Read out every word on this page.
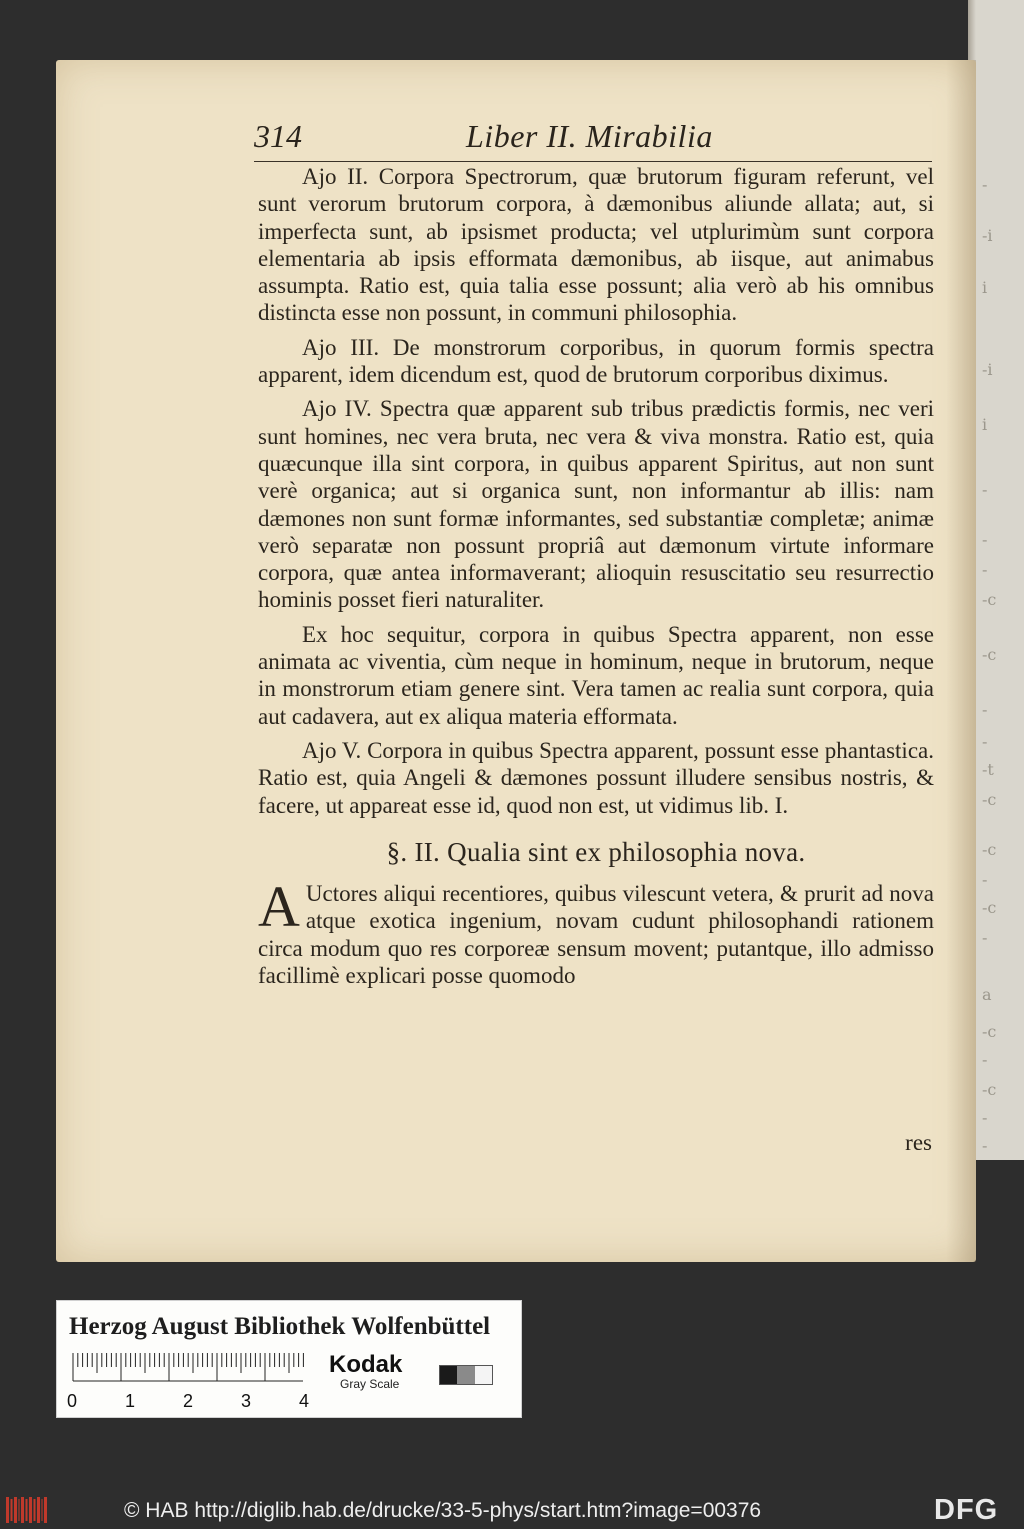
-
-i
i
-i
i
-
-
-
-c
-c
-
-
-t
-c
-c
-
-c
-
a
-c
-
-c
-
-
314	Liber II. Mirabilia

Ajo II. Corpora Spectrorum, quæ brutorum figuram referunt, vel sunt verorum brutorum corpora, à dæmonibus aliunde allata; aut, si imperfecta sunt, ab ipsismet producta; vel utplurimùm sunt corpora elementaria ab ipsis efformata dæmonibus, ab iisque, aut animabus assumpta. Ratio est, quia talia esse possunt; alia verò ab his omnibus distincta esse non possunt, in communi philosophia.

Ajo III. De monstrorum corporibus, in quorum formis spectra apparent, idem dicendum est, quod de brutorum corporibus diximus.

Ajo IV. Spectra quæ apparent sub tribus prædictis formis, nec veri sunt homines, nec vera bruta, nec vera & viva monstra. Ratio est, quia quæcunque illa sint corpora, in quibus apparent Spiritus, aut non sunt verè organica; aut si organica sunt, non informantur ab illis: nam dæmones non sunt formæ informantes, sed substantiæ completæ; animæ verò separatæ non possunt propriâ aut dæmonum virtute informare corpora, quæ antea informaverant; alioquin resuscitatio seu resurrectio hominis posset fieri naturaliter.

Ex hoc sequitur, corpora in quibus Spectra apparent, non esse animata ac viventia, cùm neque in hominum, neque in brutorum, neque in monstrorum etiam genere sint. Vera tamen ac realia sunt corpora, quia aut cadavera, aut ex aliqua materia efformata.

Ajo V. Corpora in quibus Spectra apparent, possunt esse phantastica. Ratio est, quia Angeli & dæmones possunt illudere sensibus nostris, & facere, ut appareat esse id, quod non est, ut vidimus lib. I.

§. II. Qualia sint ex philosophia nova.

A Uctores aliqui recentiores, quibus vilescunt vetera, & prurit ad nova atque exotica ingenium, novam cudunt philosophandi rationem circa modum quo res corporeæ sensum movent; putantque, illo admisso facillimè explicari posse quomodo

res
Herzog August Bibliothek Wolfenbüttel
0	1	2	3	4
Kodak
Gray Scale
© HAB http://diglib.hab.de/drucke/33-5-phys/start.htm?image=00376	DFG
